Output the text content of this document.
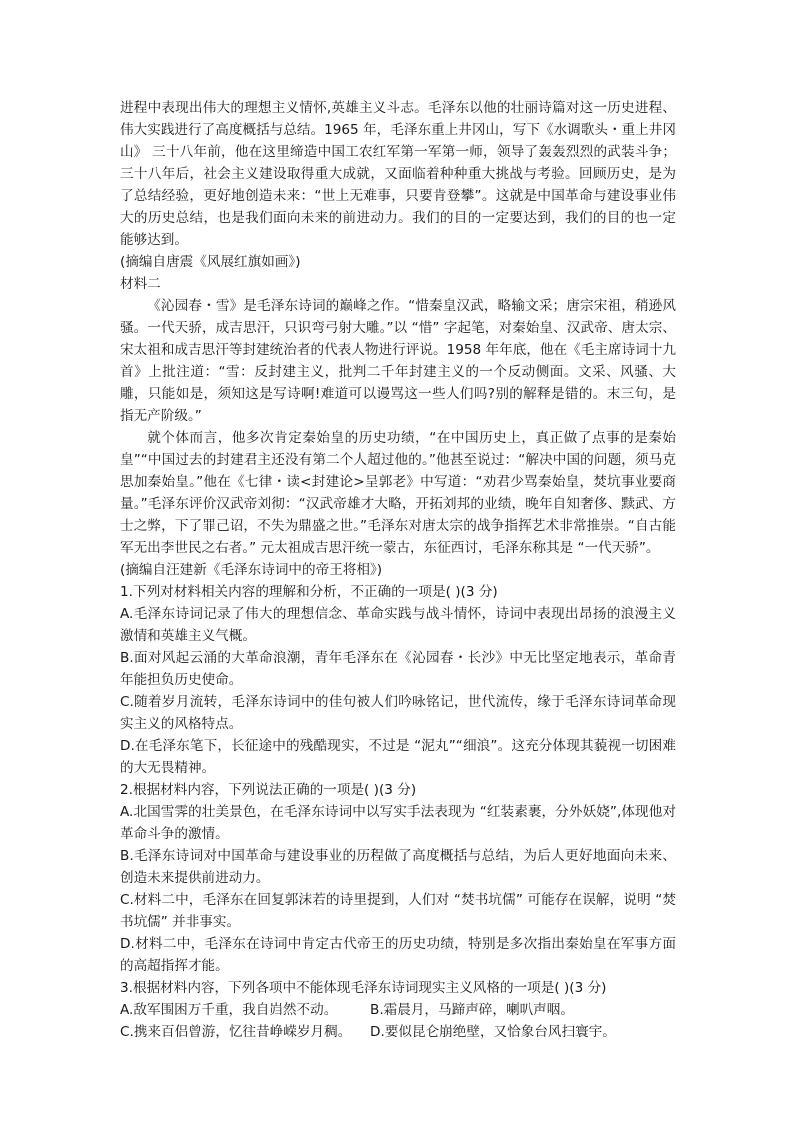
进程中表现出伟大的理想主义情怀,英雄主义斗志。毛泽东以他的壮丽诗篇对这一历史进程、伟大实践进行了高度概括与总结。1965 年，毛泽东重上井冈山，写下《水调歌头・重上井冈山》 三十八年前，他在这里缔造中国工农红军第一军第一师，领导了轰轰烈烈的武装斗争；三十八年后，社会主义建设取得重大成就，又面临着种种重大挑战与考验。回顾历史，是为了总结经验，更好地创造未来：“世上无难事，只要肯登攀”。这就是中国革命与建设事业伟大的历史总结，也是我们面向未来的前进动力。我们的目的一定要达到，我们的目的也一定能够达到。

(摘编自唐震《风展红旗如画》)

材料二

《沁园春・雪》是毛泽东诗词的巅峰之作。“惜秦皇汉武，略输文采；唐宗宋祖，稍逊风骚。一代天骄，成吉思汗，只识弯弓射大雕。”以 “惜” 字起笔，对秦始皇、汉武帝、唐太宗、宋太祖和成吉思汗等封建统治者的代表人物进行评说。1958 年年底，他在《毛主席诗词十九首》上批注道：“雪：反封建主义，批判二千年封建主义的一个反动侧面。文采、风骚、大雕，只能如是，须知这是写诗啊!难道可以谩骂这一些人们吗?别的解释是错的。末三句，是指无产阶级。”

就个体而言，他多次肯定秦始皇的历史功绩，“在中国历史上，真正做了点事的是秦始皇”“中国过去的封建君主还没有第二个人超过他的。”他甚至说过：“解决中国的问题，须马克思加秦始皇。”他在《七律・读<封建论>呈郭老》中写道：“劝君少骂秦始皇，焚坑事业要商量。”毛泽东评价汉武帝刘彻：“汉武帝雄才大略，开拓刘邦的业绩，晚年自知奢侈、黩武、方士之弊，下了罪己诏，不失为鼎盛之世。”毛泽东对唐太宗的战争指挥艺术非常推崇。“自古能军无出李世民之右者。” 元太祖成吉思汗统一蒙古，东征西讨，毛泽东称其是 “一代天骄”。

(摘编自汪建新《毛泽东诗词中的帝王将相》)

1.下列对材料相关内容的理解和分析，不正确的一项是( )(3 分)

A.毛泽东诗词记录了伟大的理想信念、革命实践与战斗情怀，诗词中表现出昂扬的浪漫主义激情和英雄主义气概。

B.面对风起云涌的大革命浪潮，青年毛泽东在《沁园春・长沙》中无比坚定地表示，革命青年能担负历史使命。

C.随着岁月流转，毛泽东诗词中的佳句被人们吟咏铭记，世代流传，缘于毛泽东诗词革命现实主义的风格特点。

D.在毛泽东笔下，长征途中的残酷现实，不过是 “泥丸”“细浪”。这充分体现其藐视一切困难的大无畏精神。

2.根据材料内容，下列说法正确的一项是( )(3 分)

A.北国雪霁的壮美景色，在毛泽东诗词中以写实手法表现为 “红装素裹，分外妖娆”,体现他对革命斗争的激情。

B.毛泽东诗词对中国革命与建设事业的历程做了高度概括与总结，为后人更好地面向未来、创造未来提供前进动力。

C.材料二中，毛泽东在回复郭沫若的诗里提到，人们对 “焚书坑儒” 可能存在误解，说明 “焚书坑儒” 并非事实。

D.材料二中，毛泽东在诗词中肯定古代帝王的历史功绩，特别是多次指出秦始皇在军事方面的高超指挥才能。

3.根据材料内容，下列各项中不能体现毛泽东诗词现实主义风格的一项是( )(3 分)

A.敌军围困万千重，我自岿然不动。	B.霜晨月，马蹄声碎，喇叭声咽。
C.携来百侣曾游，忆往昔峥嵘岁月稠。	D.要似昆仑崩绝壁，又恰象台风扫寰宇。
